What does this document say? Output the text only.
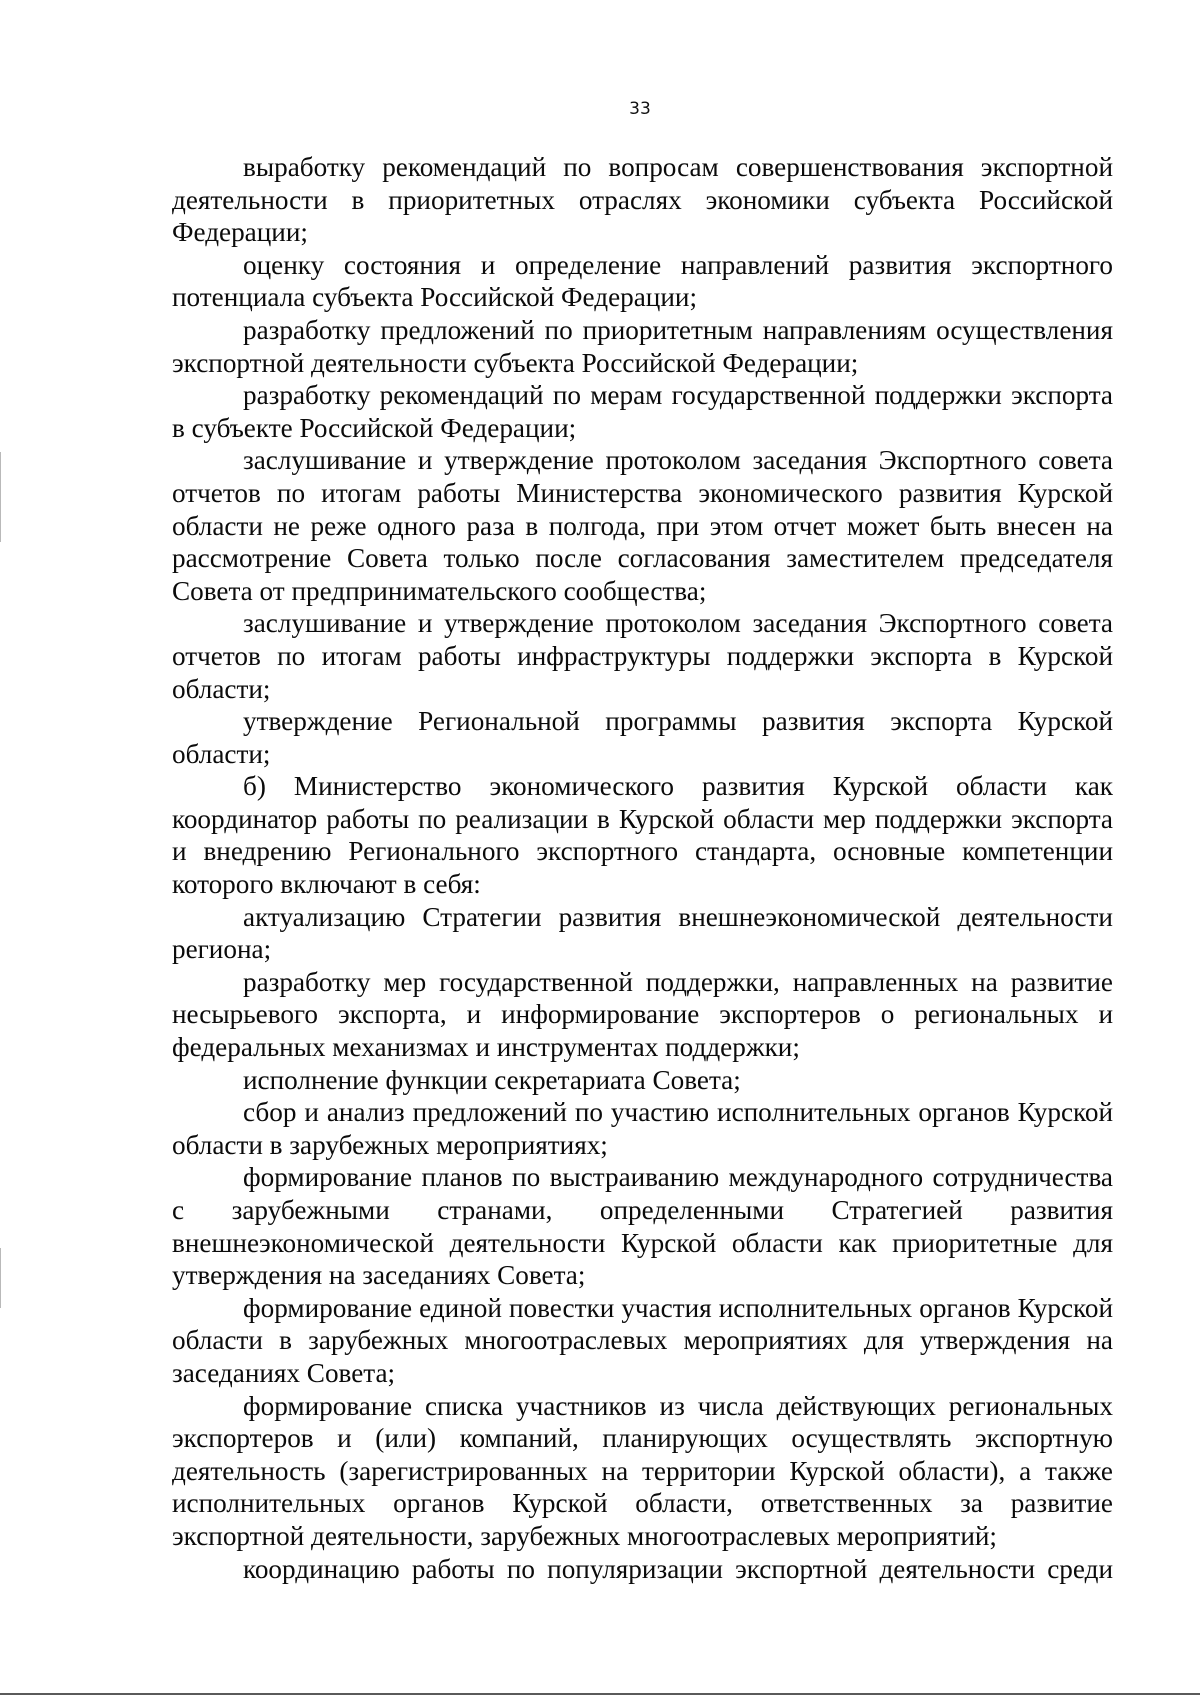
33

выработку рекомендаций по вопросам совершенствования экспортной деятельности в приоритетных отраслях экономики субъекта Российской Федерации;

оценку состояния и определение направлений развития экспортного потенциала субъекта Российской Федерации;

разработку предложений по приоритетным направлениям осуществления экспортной деятельности субъекта Российской Федерации;

разработку рекомендаций по мерам государственной поддержки экспорта в субъекте Российской Федерации;

заслушивание и утверждение протоколом заседания Экспортного совета отчетов по итогам работы Министерства экономического развития Курской области не реже одного раза в полгода, при этом отчет может быть внесен на рассмотрение Совета только после согласования заместителем председателя Совета от предпринимательского сообщества;

заслушивание и утверждение протоколом заседания Экспортного совета отчетов по итогам работы инфраструктуры поддержки экспорта в Курской области;

утверждение Региональной программы развития экспорта Курской области;

б) Министерство экономического развития Курской области как координатор работы по реализации в Курской области мер поддержки экспорта и внедрению Регионального экспортного стандарта, основные компетенции которого включают в себя:

актуализацию Стратегии развития внешнеэкономической деятельности региона;

разработку мер государственной поддержки, направленных на развитие несырьевого экспорта, и информирование экспортеров о региональных и федеральных механизмах и инструментах поддержки;

исполнение функции секретариата Совета;

сбор и анализ предложений по участию исполнительных органов Курской области в зарубежных мероприятиях;

формирование планов по выстраиванию международного сотрудничества с зарубежными странами, определенными Стратегией развития внешнеэкономической деятельности Курской области как приоритетные для утверждения на заседаниях Совета;

формирование единой повестки участия исполнительных органов Курской области в зарубежных многоотраслевых мероприятиях для утверждения на заседаниях Совета;

формирование списка участников из числа действующих региональных экспортеров и (или) компаний, планирующих осуществлять экспортную деятельность (зарегистрированных на территории Курской области), а также исполнительных органов Курской области, ответственных за развитие экспортной деятельности, зарубежных многоотраслевых мероприятий;

координацию работы по популяризации экспортной деятельности среди
